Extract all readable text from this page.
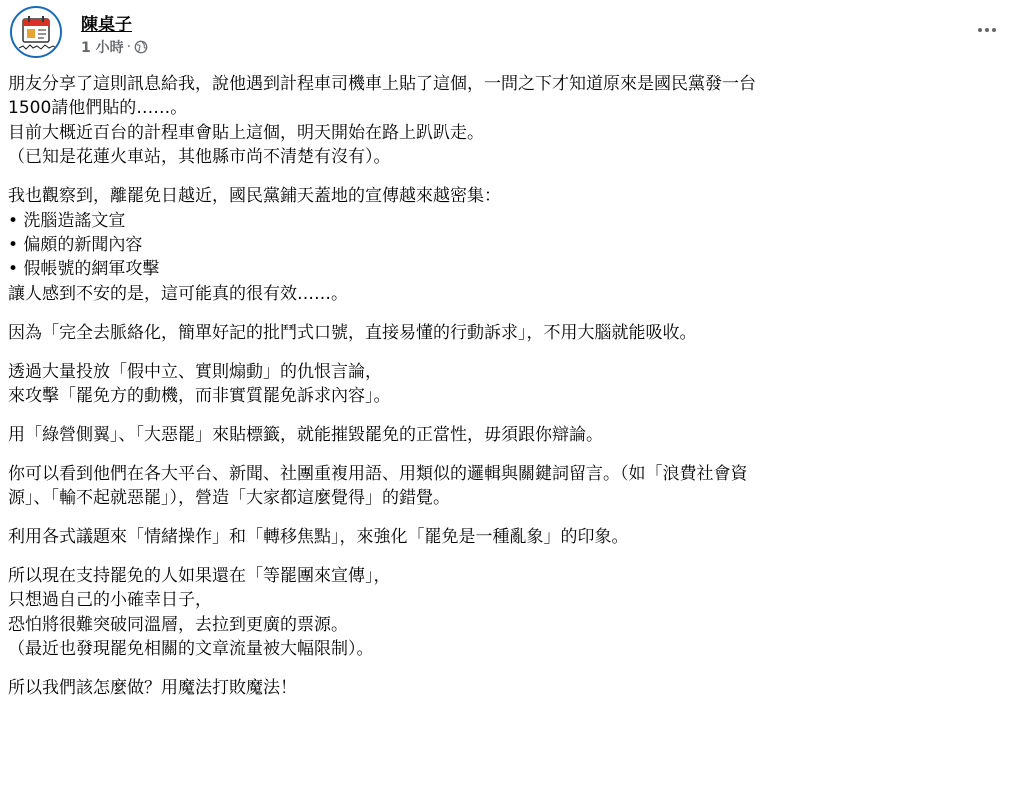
陳桌子
1 小時 ·
朋友分享了這則訊息給我，說他遇到計程車司機車上貼了這個，一問之下才知道原來是國民黨發一台
1500請他們貼的……。
目前大概近百台的計程車會貼上這個，明天開始在路上趴趴走。
（已知是花蓮火車站，其他縣市尚不清楚有沒有）。
我也觀察到，離罷免日越近，國民黨鋪天蓋地的宣傳越來越密集：
• 洗腦造謠文宣
• 偏頗的新聞內容
• 假帳號的網軍攻擊
讓人感到不安的是，這可能真的很有效……。
因為「完全去脈絡化，簡單好記的批鬥式口號，直接易懂的行動訴求」，不用大腦就能吸收。
透過大量投放「假中立、實則煽動」的仇恨言論，
來攻擊「罷免方的動機，而非實質罷免訴求內容」。
用「綠營側翼」、「大惡罷」來貼標籤，就能摧毀罷免的正當性，毋須跟你辯論。
你可以看到他們在各大平台、新聞、社團重複用語、用類似的邏輯與關鍵詞留言。（如「浪費社會資
源」、「輸不起就惡罷」），營造「大家都這麼覺得」的錯覺。
利用各式議題來「情緒操作」和「轉移焦點」，來強化「罷免是一種亂象」的印象。
所以現在支持罷免的人如果還在「等罷團來宣傳」，
只想過自己的小確幸日子，
恐怕將很難突破同溫層，去拉到更廣的票源。
（最近也發現罷免相關的文章流量被大幅限制）。
所以我們該怎麼做？用魔法打敗魔法！
